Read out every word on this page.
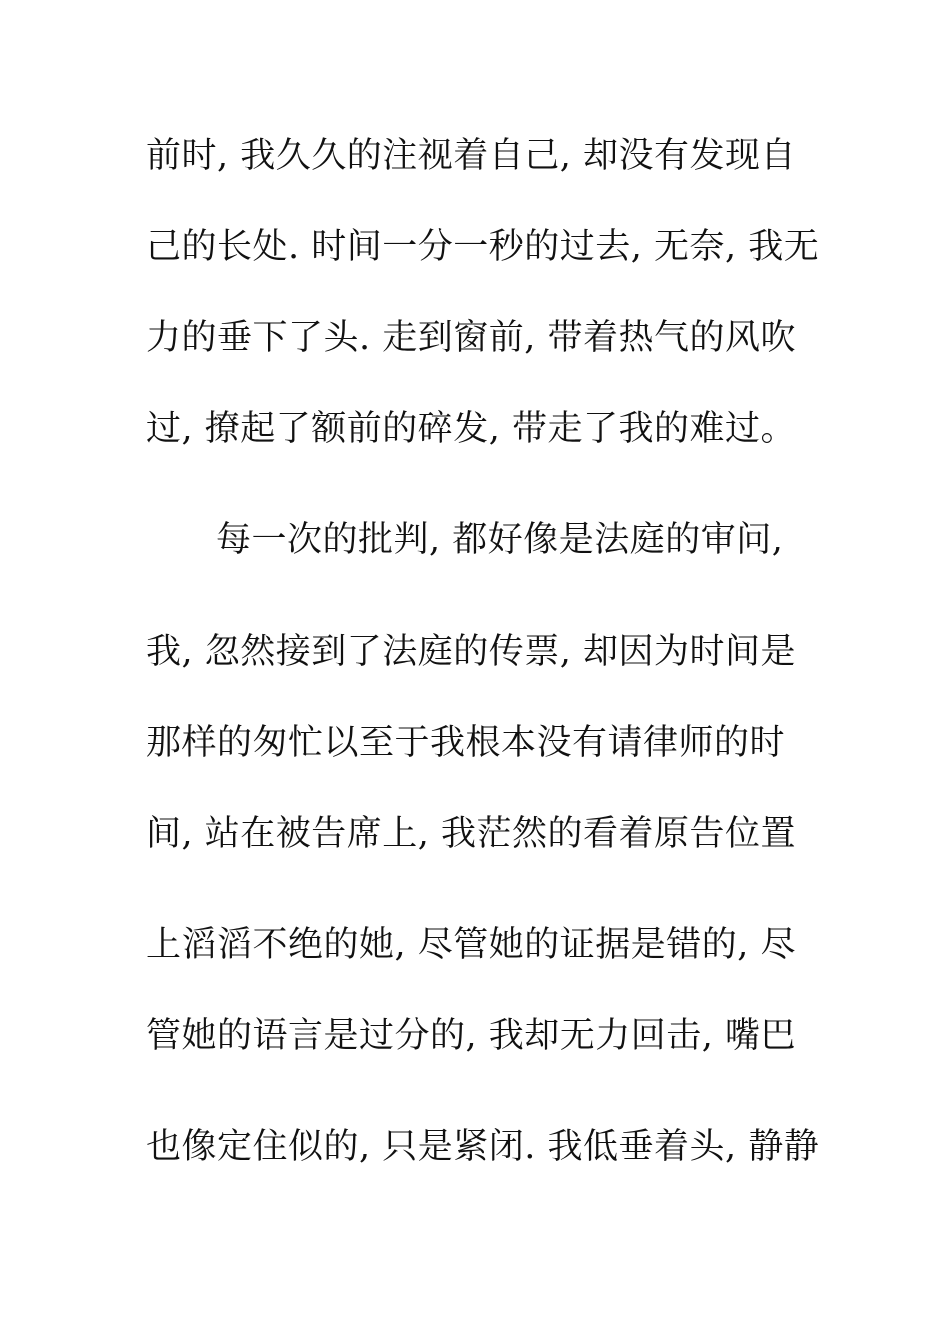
前时, 我久久的注视着自己, 却没有发现自
己的长处. 时间一分一秒的过去, 无奈, 我无
力的垂下了头. 走到窗前, 带着热气的风吹
过, 撩起了额前的碎发, 带走了我的难过。
每一次的批判, 都好像是法庭的审问,
我, 忽然接到了法庭的传票, 却因为时间是
那样的匆忙以至于我根本没有请律师的时
间, 站在被告席上, 我茫然的看着原告位置
上滔滔不绝的她, 尽管她的证据是错的, 尽
管她的语言是过分的, 我却无力回击, 嘴巴
也像定住似的, 只是紧闭. 我低垂着头, 静静
